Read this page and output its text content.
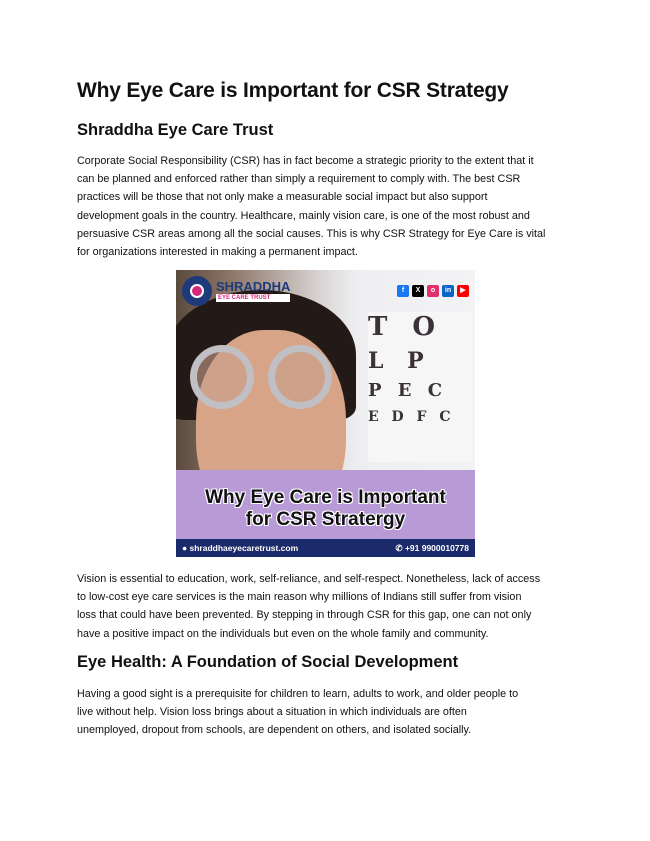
Why Eye Care is Important for CSR Strategy
Shraddha Eye Care Trust
Corporate Social Responsibility (CSR) has in fact become a strategic priority to the extent that it
can be planned and enforced rather than simply a requirement to comply with. The best CSR
practices will be those that not only make a measurable social impact but also support
development goals in the country. Healthcare, mainly vision care, is one of the most robust and
persuasive CSR areas among all the social causes. This is why CSR Strategy for Eye Care is vital
for organizations interested in making a permanent impact.
T O
L P
P E C
E D F C
SHRADDHA
EYE CARE TRUST
f	X	o	in	▶
Why Eye Care is Important
for CSR Stratergy
● shraddhaeyecaretrust.com	✆ +91 9900010778
Vision is essential to education, work, self-reliance, and self-respect. Nonetheless, lack of access
to low-cost eye care services is the main reason why millions of Indians still suffer from vision
loss that could have been prevented. By stepping in through CSR for this gap, one can not only
have a positive impact on the individuals but even on the whole family and community.
Eye Health: A Foundation of Social Development
Having a good sight is a prerequisite for children to learn, adults to work, and older people to
live without help. Vision loss brings about a situation in which individuals are often
unemployed, dropout from schools, are dependent on others, and isolated socially.
